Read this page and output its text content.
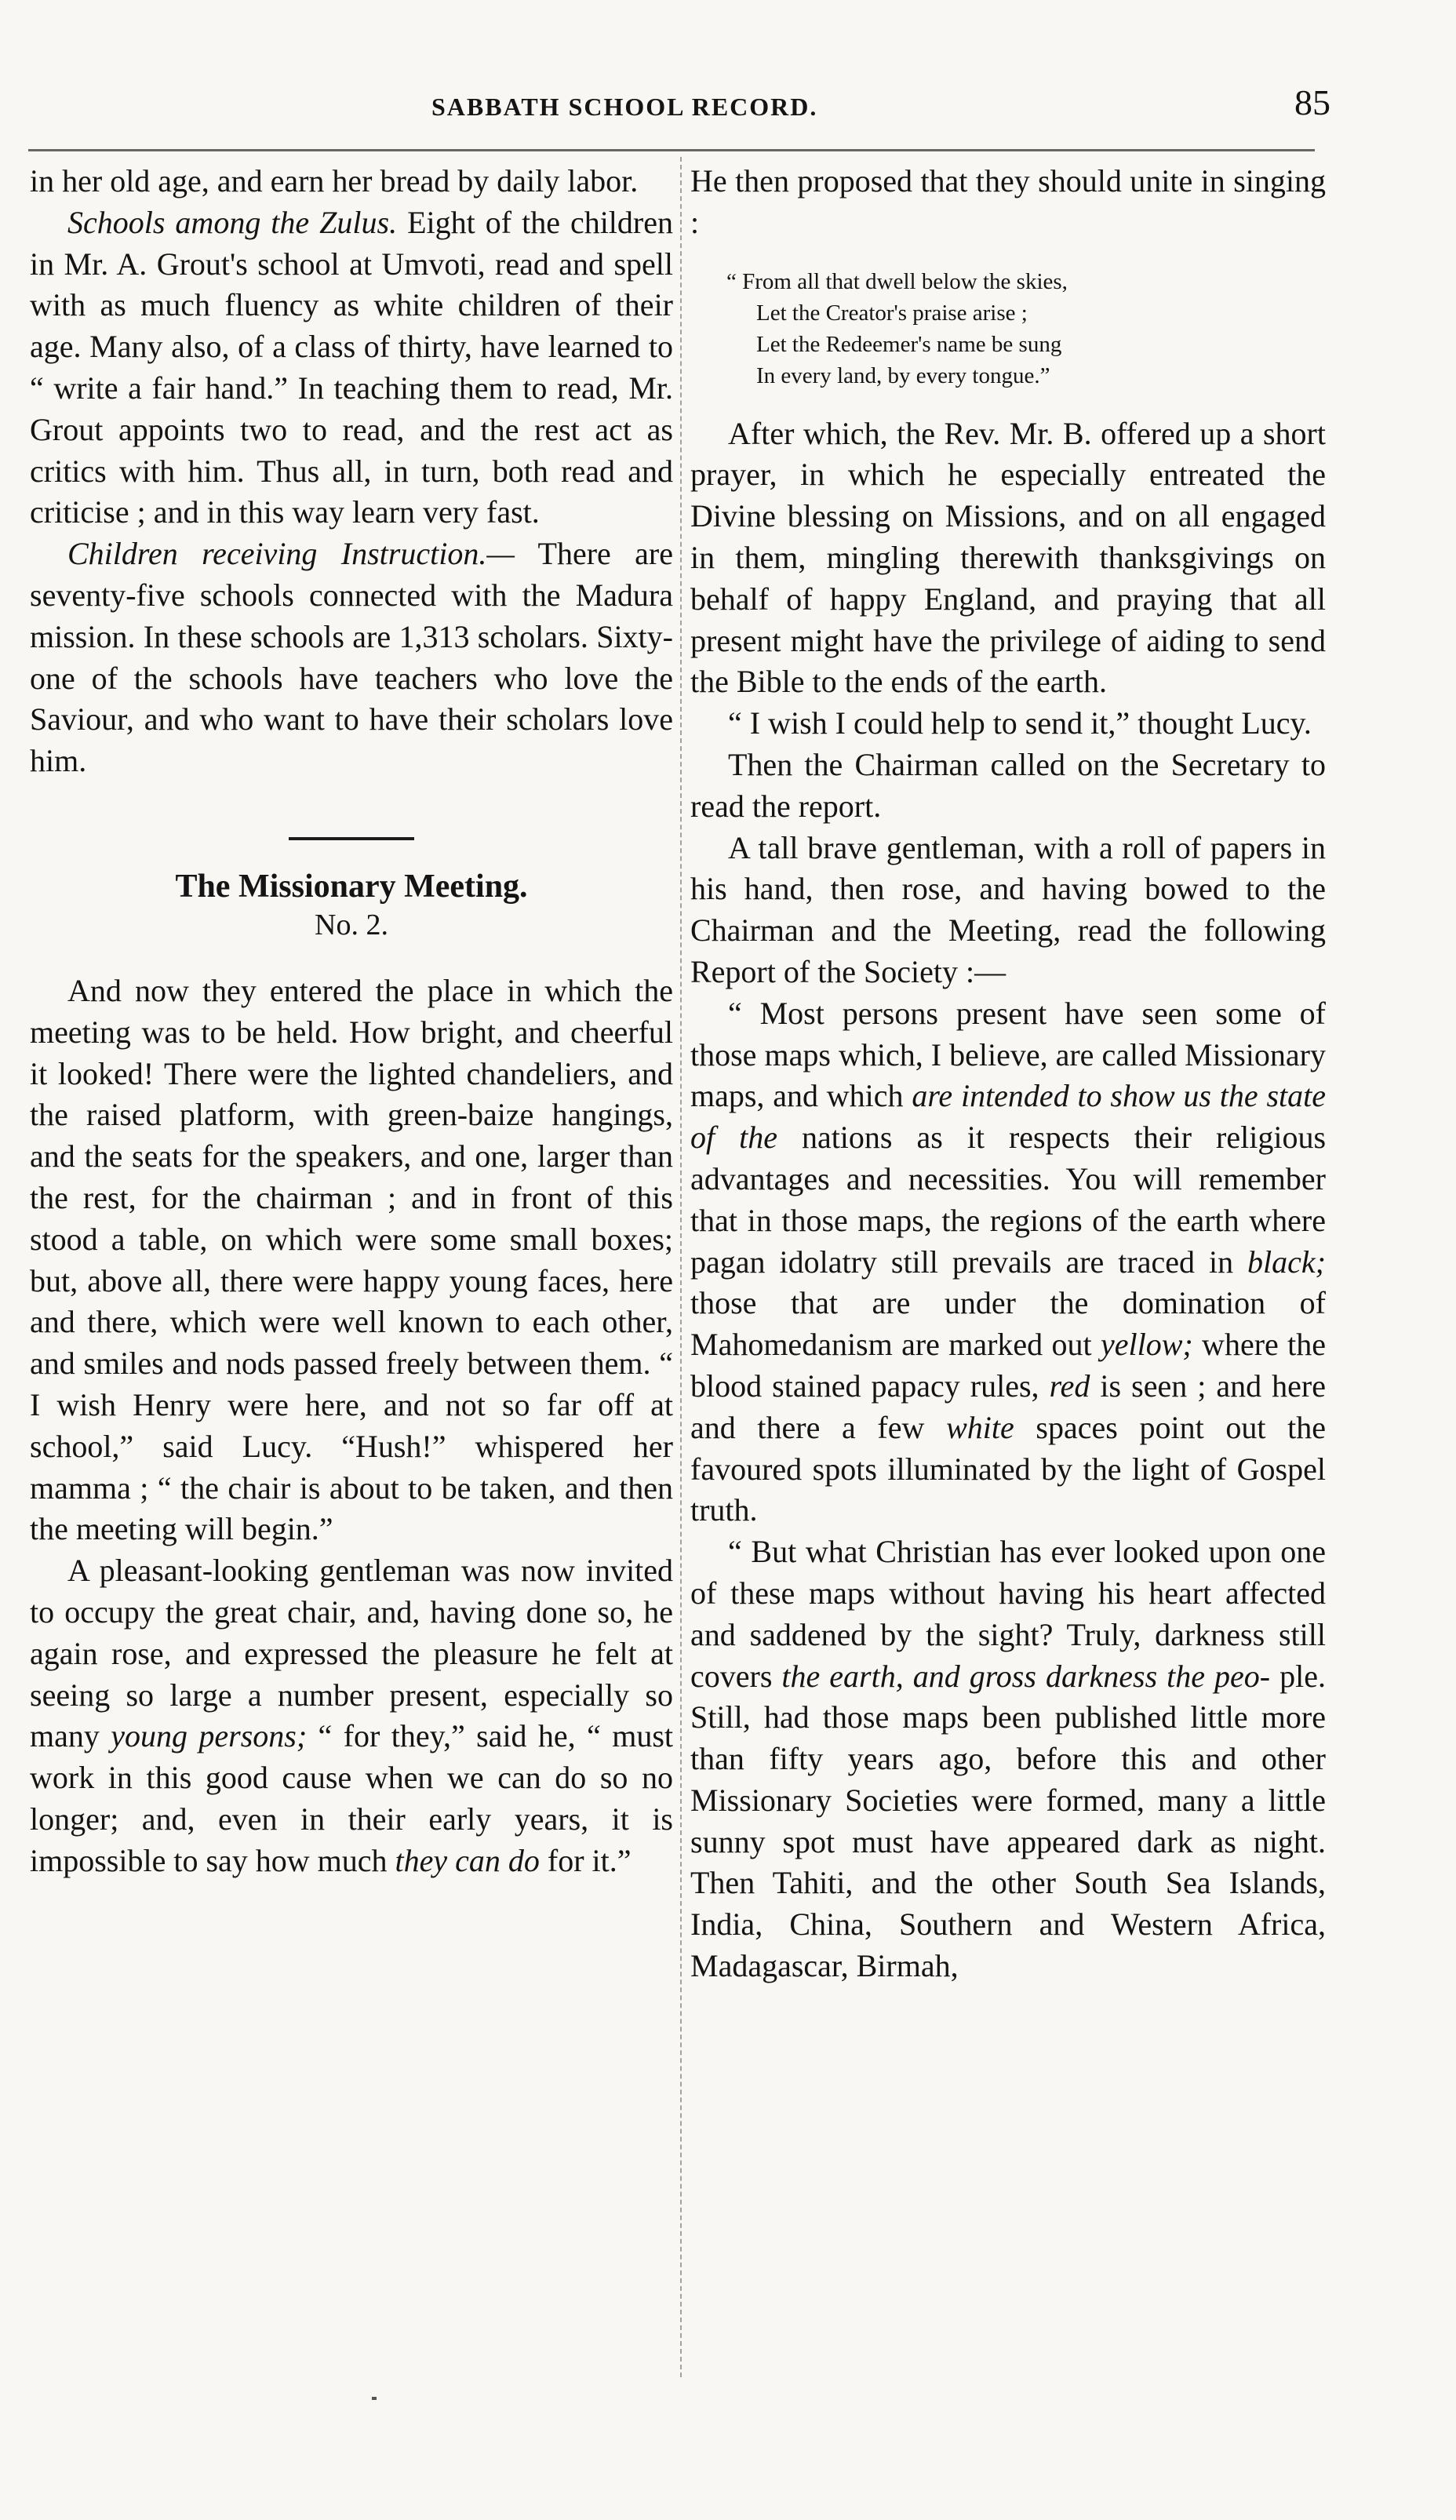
SABBATH SCHOOL RECORD.	85

in her old age, and earn her bread by daily labor.

Schools among the Zulus. Eight of the children in Mr. A. Grout's school at Umvoti, read and spell with as much fluency as white children of their age. Many also, of a class of thirty, have learned to “ write a fair hand.” In teaching them to read, Mr. Grout appoints two to read, and the rest act as critics with him. Thus all, in turn, both read and criticise ; and in this way learn very fast.

Children receiving Instruction.— There are seventy-five schools connected with the Madura mission. In these schools are 1,313 scholars. Sixty-one of the schools have teachers who love the Saviour, and who want to have their scholars love him.

The Missionary Meeting.
No. 2.

And now they entered the place in which the meeting was to be held. How bright, and cheerful it looked! There were the lighted chandeliers, and the raised platform, with green-baize hangings, and the seats for the speakers, and one, larger than the rest, for the chairman ; and in front of this stood a table, on which were some small boxes; but, above all, there were happy young faces, here and there, which were well known to each other, and smiles and nods passed freely between them. “ I wish Henry were here, and not so far off at school,” said Lucy. “Hush!” whispered her mamma ; “ the chair is about to be taken, and then the meeting will begin.”

A pleasant-looking gentleman was now invited to occupy the great chair, and, having done so, he again rose, and expressed the pleasure he felt at seeing so large a number present, especially so many young persons; “ for they,” said he, “ must work in this good cause when we can do so no longer; and, even in their early years, it is impossible to say how much they can do for it.”

He then proposed that they should unite in singing :

“ From all that dwell below the skies,
Let the Creator's praise arise ;
Let the Redeemer's name be sung
In every land, by every tongue.”

After which, the Rev. Mr. B. offered up a short prayer, in which he especially entreated the Divine blessing on Missions, and on all engaged in them, mingling therewith thanksgivings on behalf of happy England, and praying that all present might have the privilege of aiding to send the Bible to the ends of the earth.

“ I wish I could help to send it,” thought Lucy.

Then the Chairman called on the Secretary to read the report.

A tall brave gentleman, with a roll of papers in his hand, then rose, and having bowed to the Chairman and the Meeting, read the following Report of the Society :—

“ Most persons present have seen some of those maps which, I believe, are called Missionary maps, and which are intended to show us the state of the nations as it respects their religious advantages and necessities. You will remember that in those maps, the regions of the earth where pagan idolatry still prevails are traced in black; those that are under the domination of Mahomedanism are marked out yellow; where the blood stained papacy rules, red is seen ; and here and there a few white spaces point out the favoured spots illuminated by the light of Gospel truth.

“ But what Christian has ever looked upon one of these maps without having his heart affected and saddened by the sight? Truly, darkness still covers the earth, and gross darkness the peo- ple. Still, had those maps been published little more than fifty years ago, before this and other Missionary Societies were formed, many a little sunny spot must have appeared dark as night. Then Tahiti, and the other South Sea Islands, India, China, Southern and Western Africa, Madagascar, Birmah,
